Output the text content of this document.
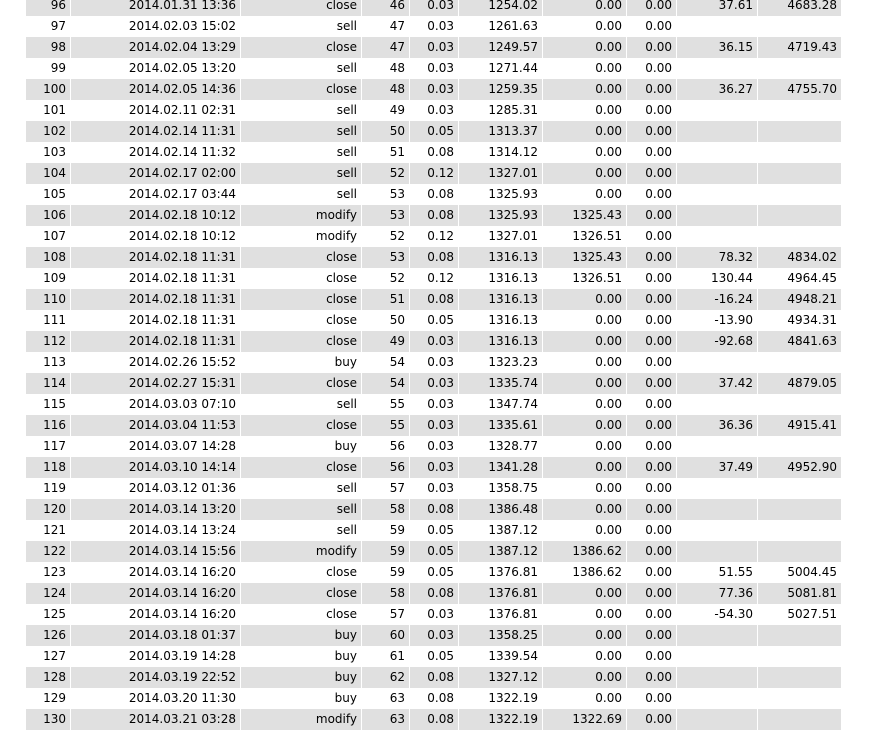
96	2014.01.31 13:36	close	46	0.03	1254.02	0.00	0.00	37.61	4683.28
97	2014.02.03 15:02	sell	47	0.03	1261.63	0.00	0.00		
98	2014.02.04 13:29	close	47	0.03	1249.57	0.00	0.00	36.15	4719.43
99	2014.02.05 13:20	sell	48	0.03	1271.44	0.00	0.00		
100	2014.02.05 14:36	close	48	0.03	1259.35	0.00	0.00	36.27	4755.70
101	2014.02.11 02:31	sell	49	0.03	1285.31	0.00	0.00		
102	2014.02.14 11:31	sell	50	0.05	1313.37	0.00	0.00		
103	2014.02.14 11:32	sell	51	0.08	1314.12	0.00	0.00		
104	2014.02.17 02:00	sell	52	0.12	1327.01	0.00	0.00		
105	2014.02.17 03:44	sell	53	0.08	1325.93	0.00	0.00		
106	2014.02.18 10:12	modify	53	0.08	1325.93	1325.43	0.00		
107	2014.02.18 10:12	modify	52	0.12	1327.01	1326.51	0.00		
108	2014.02.18 11:31	close	53	0.08	1316.13	1325.43	0.00	78.32	4834.02
109	2014.02.18 11:31	close	52	0.12	1316.13	1326.51	0.00	130.44	4964.45
110	2014.02.18 11:31	close	51	0.08	1316.13	0.00	0.00	-16.24	4948.21
111	2014.02.18 11:31	close	50	0.05	1316.13	0.00	0.00	-13.90	4934.31
112	2014.02.18 11:31	close	49	0.03	1316.13	0.00	0.00	-92.68	4841.63
113	2014.02.26 15:52	buy	54	0.03	1323.23	0.00	0.00		
114	2014.02.27 15:31	close	54	0.03	1335.74	0.00	0.00	37.42	4879.05
115	2014.03.03 07:10	sell	55	0.03	1347.74	0.00	0.00		
116	2014.03.04 11:53	close	55	0.03	1335.61	0.00	0.00	36.36	4915.41
117	2014.03.07 14:28	buy	56	0.03	1328.77	0.00	0.00		
118	2014.03.10 14:14	close	56	0.03	1341.28	0.00	0.00	37.49	4952.90
119	2014.03.12 01:36	sell	57	0.03	1358.75	0.00	0.00		
120	2014.03.14 13:20	sell	58	0.08	1386.48	0.00	0.00		
121	2014.03.14 13:24	sell	59	0.05	1387.12	0.00	0.00		
122	2014.03.14 15:56	modify	59	0.05	1387.12	1386.62	0.00		
123	2014.03.14 16:20	close	59	0.05	1376.81	1386.62	0.00	51.55	5004.45
124	2014.03.14 16:20	close	58	0.08	1376.81	0.00	0.00	77.36	5081.81
125	2014.03.14 16:20	close	57	0.03	1376.81	0.00	0.00	-54.30	5027.51
126	2014.03.18 01:37	buy	60	0.03	1358.25	0.00	0.00		
127	2014.03.19 14:28	buy	61	0.05	1339.54	0.00	0.00		
128	2014.03.19 22:52	buy	62	0.08	1327.12	0.00	0.00		
129	2014.03.20 11:30	buy	63	0.08	1322.19	0.00	0.00		
130	2014.03.21 03:28	modify	63	0.08	1322.19	1322.69	0.00		
